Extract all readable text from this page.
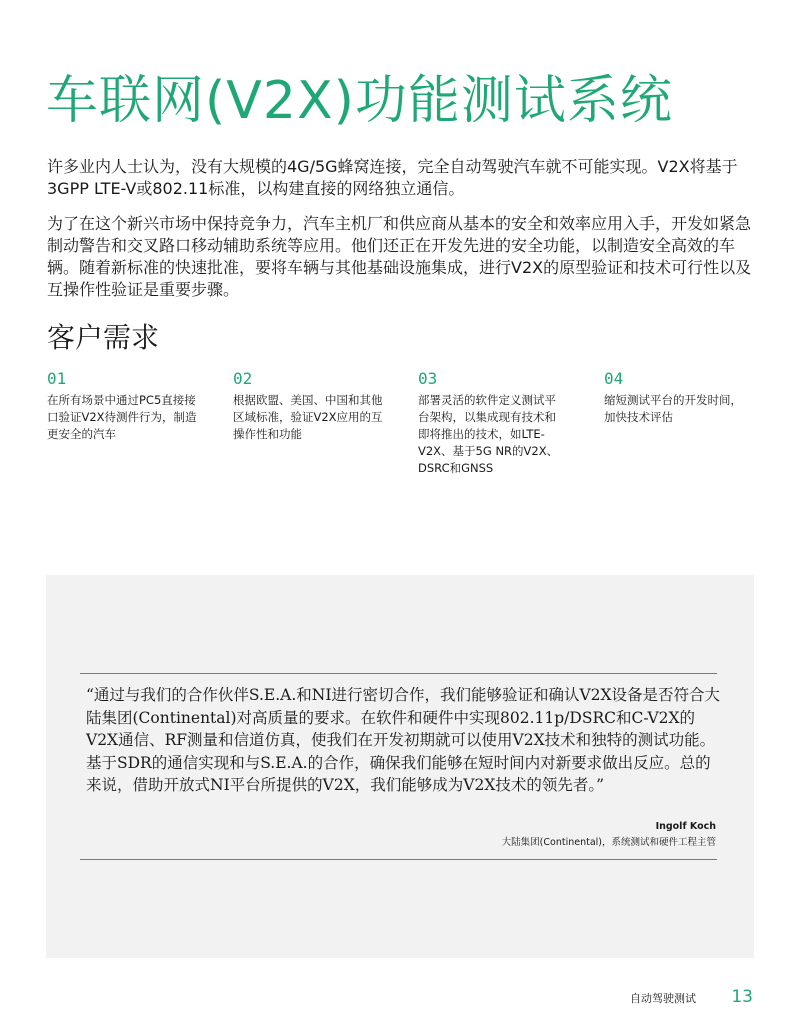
车联网(V2X)功能测试系统

许多业内人士认为，没有大规模的4G/5G蜂窝连接，完全自动驾驶汽车就不可能实现。V2X将基于3GPP LTE-V或802.11标准，以构建直接的网络独立通信。

为了在这个新兴市场中保持竞争力，汽车主机厂和供应商从基本的安全和效率应用入手，开发如紧急制动警告和交叉路口移动辅助系统等应用。他们还正在开发先进的安全功能，以制造安全高效的车辆。随着新标准的快速批准，要将车辆与其他基础设施集成，进行V2X的原型验证和技术可行性以及互操作性验证是重要步骤。

客户需求
01
在所有场景中通过PC5直接接口验证V2X待测件行为，制造更安全的汽车
02
根据欧盟、美国、中国和其他区域标准，验证V2X应用的互操作性和功能
03
部署灵活的软件定义测试平台架构，以集成现有技术和即将推出的技术，如LTE-V2X、基于5G NR的V2X、DSRC和GNSS
04
缩短测试平台的开发时间，加快技术评估
“通过与我们的合作伙伴S.E.A.和NI进行密切合作，我们能够验证和确认V2X设备是否符合大陆集团(Continental)对高质量的要求。在软件和硬件中实现802.11p/DSRC和C-V2X的V2X通信、RF测量和信道仿真，使我们在开发初期就可以使用V2X技术和独特的测试功能。基于SDR的通信实现和与S.E.A.的合作，确保我们能够在短时间内对新要求做出反应。总的来说，借助开放式NI平台所提供的V2X，我们能够成为V2X技术的领先者。”
Ingolf Koch
大陆集团(Continental)，系统测试和硬件工程主管
自动驾驶测试 13
